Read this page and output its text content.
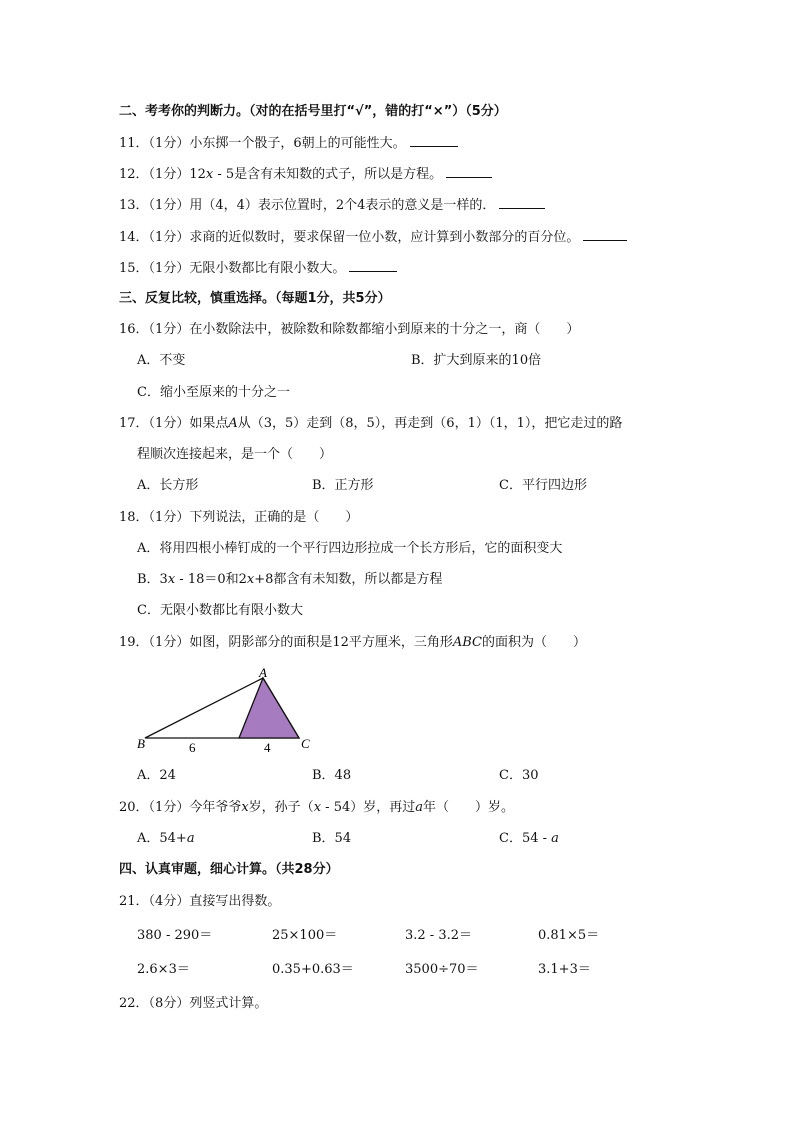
二、考考你的判断力。（对的在括号里打“√”，错的打“×”）（5分）
11．（1分）小东掷一个骰子，6朝上的可能性大。
12．（1分）12x - 5是含有未知数的式子，所以是方程。
13．（1分）用（4，4）表示位置时，2个4表示的意义是一样的．
14．（1分）求商的近似数时，要求保留一位小数，应计算到小数部分的百分位。
15．（1分）无限小数都比有限小数大。
三、反复比较，慎重选择。（每题1分，共5分）
16．（1分）在小数除法中，被除数和除数都缩小到原来的十分之一，商（　　）
A．不变	B．扩大到原来的10倍
C．缩小至原来的十分之一
17．（1分）如果点A从（3，5）走到（8，5），再走到（6，1）（1，1），把它走过的路
程顺次连接起来，是一个（　　）
A．长方形	B．正方形	C．平行四边形
18．（1分）下列说法，正确的是（　　）
A．将用四根小棒钉成的一个平行四边形拉成一个长方形后，它的面积变大
B．3x - 18＝0和2x+8都含有未知数，所以都是方程
C．无限小数都比有限小数大
19．（1分）如图，阴影部分的面积是12平方厘米，三角形ABC的面积为（　　）
A
B	C
6	4
A．24	B．48	C．30
20．（1分）今年爷爷x岁，孙子（x - 54）岁，再过a年（　　）岁。
A．54+a	B．54	C．54 - a
四、认真审题，细心计算。（共28分）
21．（4分）直接写出得数。
380 - 290＝	25×100＝	3.2 - 3.2＝	0.81×5＝
2.6×3＝	0.35+0.63＝	3500÷70＝	3.1+3＝
22．（8分）列竖式计算。
